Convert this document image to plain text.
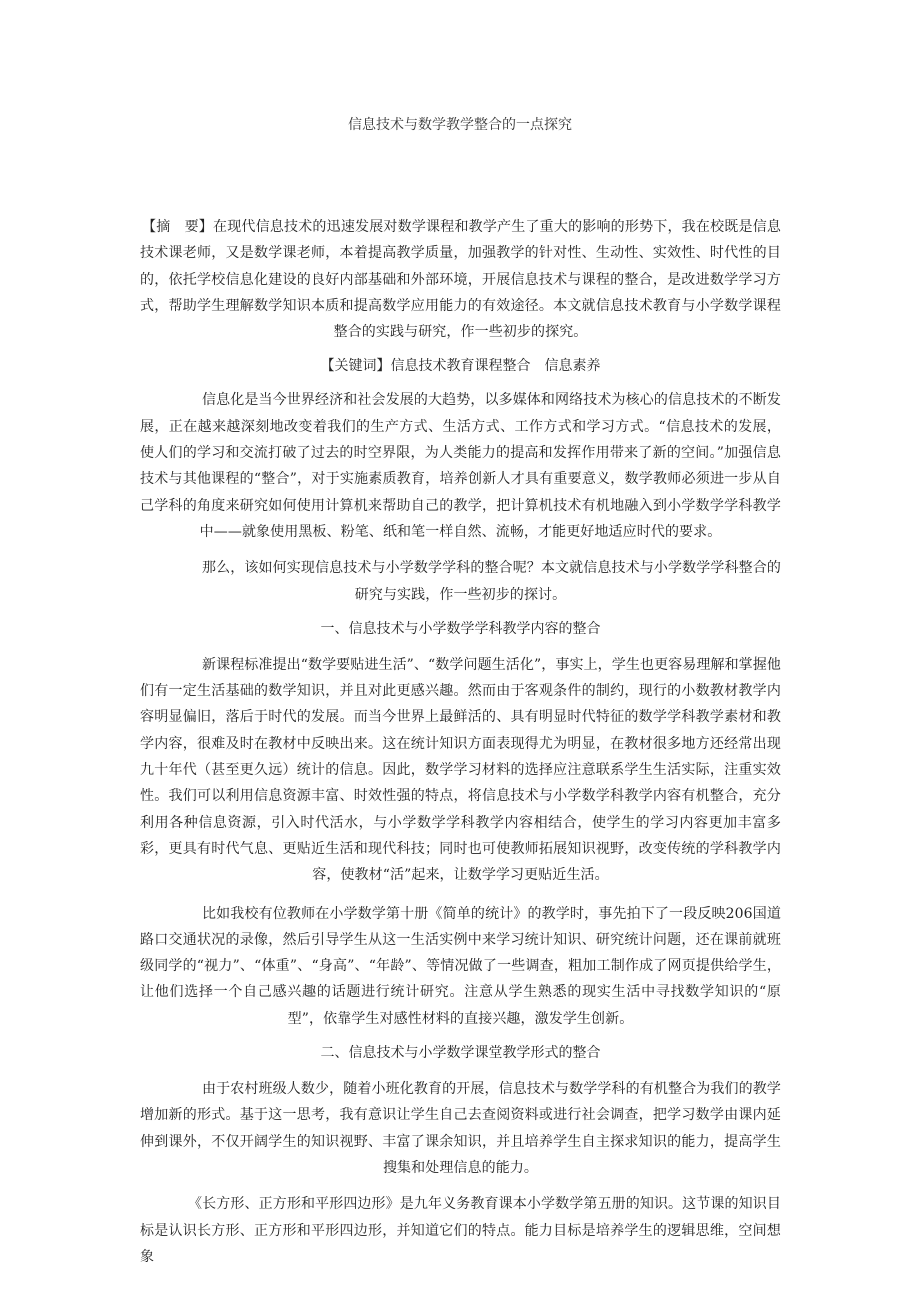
信息技术与数学教学整合的一点探究

【摘　要】在现代信息技术的迅速发展对数学课程和教学产生了重大的影响的形势下，我在校既是信息技术课老师，又是数学课老师，本着提高教学质量，加强教学的针对性、生动性、实效性、时代性的目的，依托学校信息化建设的良好内部基础和外部环境，开展信息技术与课程的整合，是改进数学学习方式，帮助学生理解数学知识本质和提高数学应用能力的有效途径。本文就信息技术教育与小学数学课程整合的实践与研究，作一些初步的探究。

【关键词】信息技术教育课程整合　信息素养

信息化是当今世界经济和社会发展的大趋势，以多媒体和网络技术为核心的信息技术的不断发展，正在越来越深刻地改变着我们的生产方式、生活方式、工作方式和学习方式。“信息技术的发展，使人们的学习和交流打破了过去的时空界限，为人类能力的提高和发挥作用带来了新的空间。”加强信息技术与其他课程的“整合”，对于实施素质教育，培养创新人才具有重要意义，数学教师必须进一步从自己学科的角度来研究如何使用计算机来帮助自己的教学，把计算机技术有机地融入到小学数学学科教学中——就象使用黑板、粉笔、纸和笔一样自然、流畅，才能更好地适应时代的要求。

那么，该如何实现信息技术与小学数学学科的整合呢？本文就信息技术与小学数学学科整合的研究与实践，作一些初步的探讨。

一、信息技术与小学数学学科教学内容的整合

新课程标准提出“数学要贴进生活”、“数学问题生活化”，事实上，学生也更容易理解和掌握他们有一定生活基础的数学知识，并且对此更感兴趣。然而由于客观条件的制约，现行的小数教材教学内容明显偏旧，落后于时代的发展。而当今世界上最鲜活的、具有明显时代特征的数学学科教学素材和教学内容，很难及时在教材中反映出来。这在统计知识方面表现得尤为明显，在教材很多地方还经常出现九十年代（甚至更久远）统计的信息。因此，数学学习材料的选择应注意联系学生生活实际，注重实效性。我们可以利用信息资源丰富、时效性强的特点，将信息技术与小学数学科教学内容有机整合，充分利用各种信息资源，引入时代活水，与小学数学学科教学内容相结合，使学生的学习内容更加丰富多彩，更具有时代气息、更贴近生活和现代科技；同时也可使教师拓展知识视野，改变传统的学科教学内容，使教材“活”起来，让数学学习更贴近生活。

比如我校有位教师在小学数学第十册《简单的统计》的教学时，事先拍下了一段反映206国道路口交通状况的录像，然后引导学生从这一生活实例中来学习统计知识、研究统计问题，还在课前就班级同学的“视力”、“体重”、“身高”、“年龄”、等情况做了一些调查，粗加工制作成了网页提供给学生，让他们选择一个自己感兴趣的话题进行统计研究。注意从学生熟悉的现实生活中寻找数学知识的“原型”，依靠学生对感性材料的直接兴趣，激发学生创新。

二、信息技术与小学数学课堂教学形式的整合

由于农村班级人数少，随着小班化教育的开展，信息技术与数学学科的有机整合为我们的教学增加新的形式。基于这一思考，我有意识让学生自己去查阅资料或进行社会调查，把学习数学由课内延伸到课外，不仅开阔学生的知识视野、丰富了课余知识，并且培养学生自主探求知识的能力，提高学生搜集和处理信息的能力。

《长方形、正方形和平形四边形》是九年义务教育课本小学数学第五册的知识。这节课的知识目标是认识长方形、正方形和平形四边形，并知道它们的特点。能力目标是培养学生的逻辑思维，空间想象
